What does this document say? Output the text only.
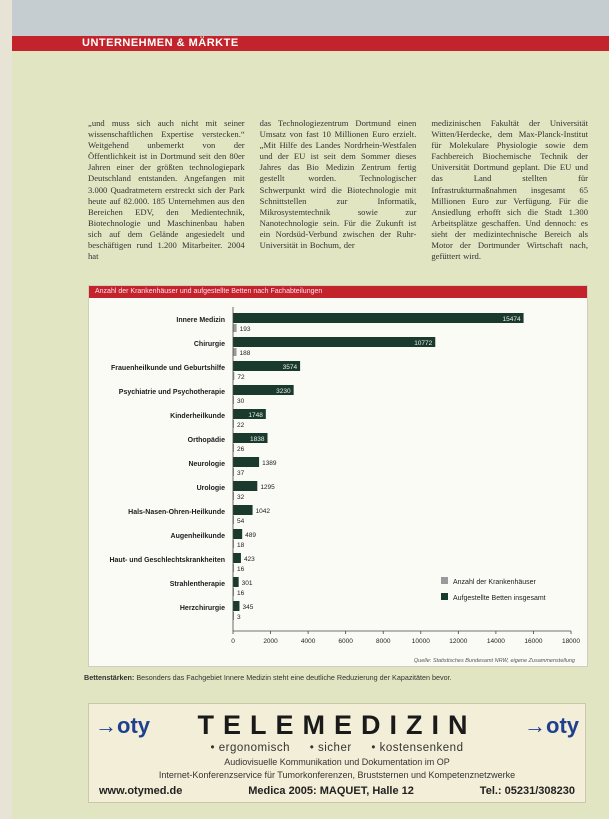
UNTERNEHMEN & MÄRKTE
„und muss sich auch nicht mit seiner wissenschaftlichen Expertise verstecken.“ Weitgehend unbemerkt von der Öffentlichkeit ist in Dortmund seit den 80er Jahren einer der größten technologiepark Deutschland entstanden. Angefangen mit 3.000 Quadratmetern erstreckt sich der Park heute auf 82.000. 185 Unternehmen aus den Bereichen EDV, den Medientechnik, Biotechnologie und Maschinenbau haben sich auf dem Gelände angesiedelt und beschäftigen rund 1.200 Mitarbeiter. 2004 hat
das Technologiezentrum Dortmund einen Umsatz von fast 10 Millionen Euro erzielt. „Mit Hilfe des Landes Nordrhein-Westfalen und der EU ist seit dem Sommer dieses Jahres das Bio Medizin Zentrum fertig gestellt worden. Technologischer Schwerpunkt wird die Biotechnologie mit Schnittstellen zur Informatik, Mikrosystemtechnik sowie zur Nanotechnologie sein. Für die Zukunft ist ein Nordsüd-Verbund zwischen der Ruhr-Universität in Bochum, der
medizinischen Fakultät der Universität Witten/Herdecke, dem Max-Planck-Institut für Molekulare Physiologie sowie dem Fachbereich Biochemische Technik der Universität Dortmund geplant. Die EU und das Land stellten für Infrastrukturmaßnahmen insgesamt 65 Millionen Euro zur Verfügung. Für die Ansiedlung erhofft sich die Stadt 1.300 Arbeitsplätze geschaffen. Und dennoch: es sieht der medizintechnische Bereich als Motor der Dortmunder Wirtschaft nach, gefüttert wird.
Anzahl der Krankenhäuser und aufgestellte Betten nach Fachabteilungen
Innere Medizin	15474
193
Chirurgie	10772
188
Frauenheilkunde und Geburtshilfe	3574
72
Psychiatrie und Psychotherapie	3230
30
Kinderheilkunde	1748
22
Orthopädie	1838
26
Neurologie	1389
37
Urologie	1295
32
Hals-Nasen-Ohren-Heilkunde	1042
54
Augenheilkunde	489
18
Haut- und Geschlechtskrankheiten	423
16
Strahlentherapie	301
16
Herzchirurgie	345
3
0	2000	4000	6000	8000	10000	12000	14000	16000	18000
Anzahl der Krankenhäuser
Aufgestellte Betten insgesamt
Quelle: Statistisches Bundesamt NRW, eigene Zusammenstellung
Bettenstärken: Besonders das Fachgebiet Innere Medizin steht eine deutliche Reduzierung der Kapazitäten bevor.
→oty	→oty
TELEMEDIZIN
• ergonomisch • sicher • kostensenkend
Audiovisuelle Kommunikation und Dokumentation im OP
Internet-Konferenzservice für Tumorkonferenzen, Bruststernen und Kompetenznetzwerke
www.otymed.de	Medica 2005: MAQUET, Halle 12	Tel.: 05231/308230
